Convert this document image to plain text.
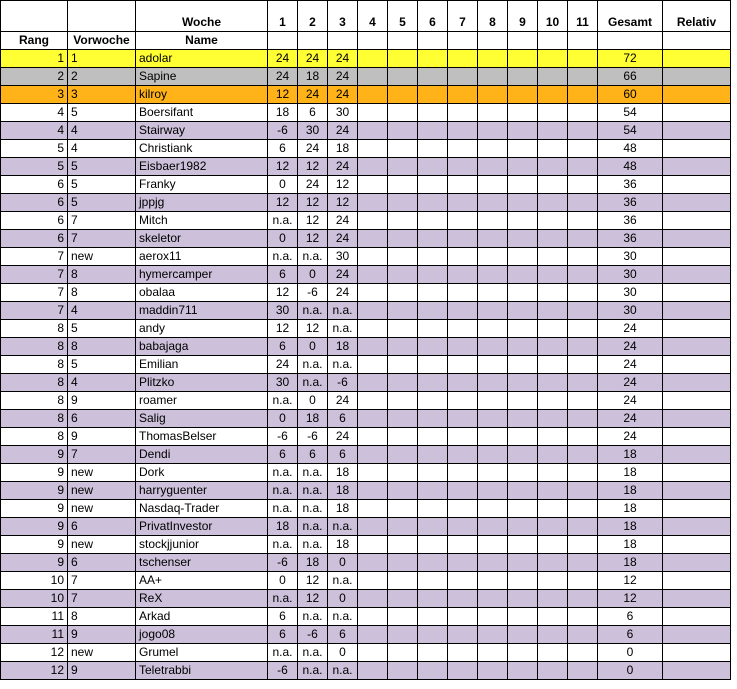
		Woche	1	2	3	4	5	6	7	8	9	10	11	Gesamt	Relativ
Rang	Vorwoche	Name													
1	1	adolar	24	24	24									72	
2	2	Sapine	24	18	24									66	
3	3	kilroy	12	24	24									60	
4	5	Boersifant	18	6	30									54	
4	4	Stairway	-6	30	24									54	
5	4	Christiank	6	24	18									48	
5	5	Eisbaer1982	12	12	24									48	
6	5	Franky	0	24	12									36	
6	5	jppjg	12	12	12									36	
6	7	Mitch	n.a.	12	24									36	
6	7	skeletor	0	12	24									36	
7	new	aerox11	n.a.	n.a.	30									30	
7	8	hymercamper	6	0	24									30	
7	8	obalaa	12	-6	24									30	
7	4	maddin711	30	n.a.	n.a.									30	
8	5	andy	12	12	n.a.									24	
8	8	babajaga	6	0	18									24	
8	5	Emilian	24	n.a.	n.a.									24	
8	4	Plitzko	30	n.a.	-6									24	
8	9	roamer	n.a.	0	24									24	
8	6	Salig	0	18	6									24	
8	9	ThomasBelser	-6	-6	24									24	
9	7	Dendi	6	6	6									18	
9	new	Dork	n.a.	n.a.	18									18	
9	new	harryguenter	n.a.	n.a.	18									18	
9	new	Nasdaq-Trader	n.a.	n.a.	18									18	
9	6	PrivatInvestor	18	n.a.	n.a.									18	
9	new	stockjjunior	n.a.	n.a.	18									18	
9	6	tschenser	-6	18	0									18	
10	7	AA+	0	12	n.a.									12	
10	7	ReX	n.a.	12	0									12	
11	8	Arkad	6	n.a.	n.a.									6	
11	9	jogo08	6	-6	6									6	
12	new	Grumel	n.a.	n.a.	0									0	
12	9	Teletrabbi	-6	n.a.	n.a.									0	
